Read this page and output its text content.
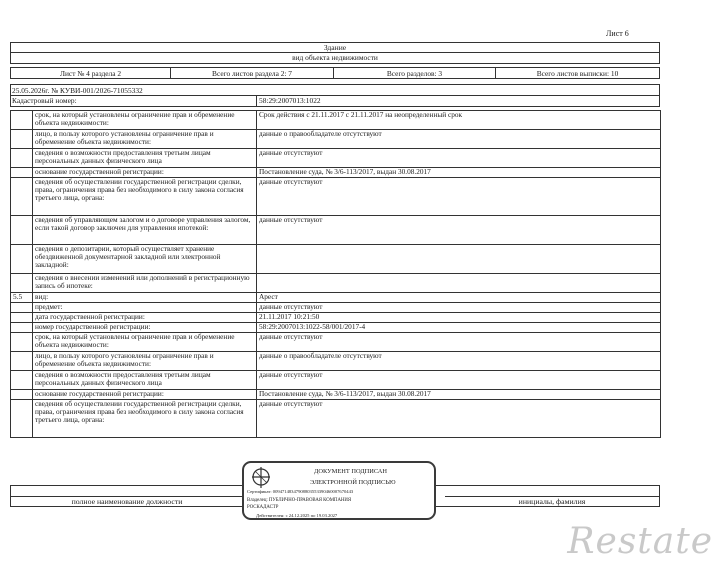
Лист 6
Здание
вид объекта недвижимости
Лист № 4 раздела 2	Всего листов раздела 2: 7	Всего разделов: 3	Всего листов выписки: 10
25.05.2026г. № КУВИ-001/2026-71055332
Кадастровый номер:	58:29:2007013:1022
	срок, на который установлены ограничение прав и обременение объекта недвижимости:	Срок действия с 21.11.2017 с 21.11.2017 на неопределенный срок
	лицо, в пользу которого установлены ограничение прав и обременение объекта недвижимости:	данные о правообладателе отсутствуют
	сведения о возможности предоставления третьим лицам персональных данных физического лица	данные отсутствуют
	основание государственной регистрации:	Постановление суда, № 3/6-113/2017, выдан 30.08.2017
	сведения об осуществлении государственной регистрации сделки, права, ограничения права без необходимого в силу закона согласия третьего лица, органа:	данные отсутствуют
	сведения об управляющем залогом и о договоре управления залогом, если такой договор заключен для управления ипотекой:	данные отсутствуют
	сведения о депозитарии, который осуществляет хранение обездвиженной документарной закладной или электронной закладной:	
	сведения о внесении изменений или дополнений в регистрационную запись об ипотеке:	
5.5	вид:	Арест
	предмет:	данные отсутствуют
	дата государственной регистрации:	21.11.2017 10:21:50
	номер государственной регистрации:	58:29:2007013:1022-58/001/2017-4
	срок, на который установлены ограничение прав и обременение объекта недвижимости:	данные отсутствуют
	лицо, в пользу которого установлены ограничение прав и обременение объекта недвижимости:	данные о правообладателе отсутствуют
	сведения о возможности предоставления третьим лицам персональных данных физического лица	данные отсутствуют
	основание государственной регистрации:	Постановление суда, № 3/6-113/2017, выдан 30.08.2017
	сведения об осуществлении государственной регистрации сделки, права, ограничения права без необходимого в силу закона согласия третьего лица, органа:	данные отсутствуют
полное наименование должности	инициалы, фамилия
ДОКУМЕНТ ПОДПИСАН
ЭЛЕКТРОННОЙ ПОДПИСЬЮ
Сертификат: 00947148347908803553390460007670443
Владелец: ПУБЛИЧНО-ПРАВОВАЯ КОМПАНИЯ РОСКАДАСТР
Действителен: с 24.12.2025 по 19.03.2027
Restate
